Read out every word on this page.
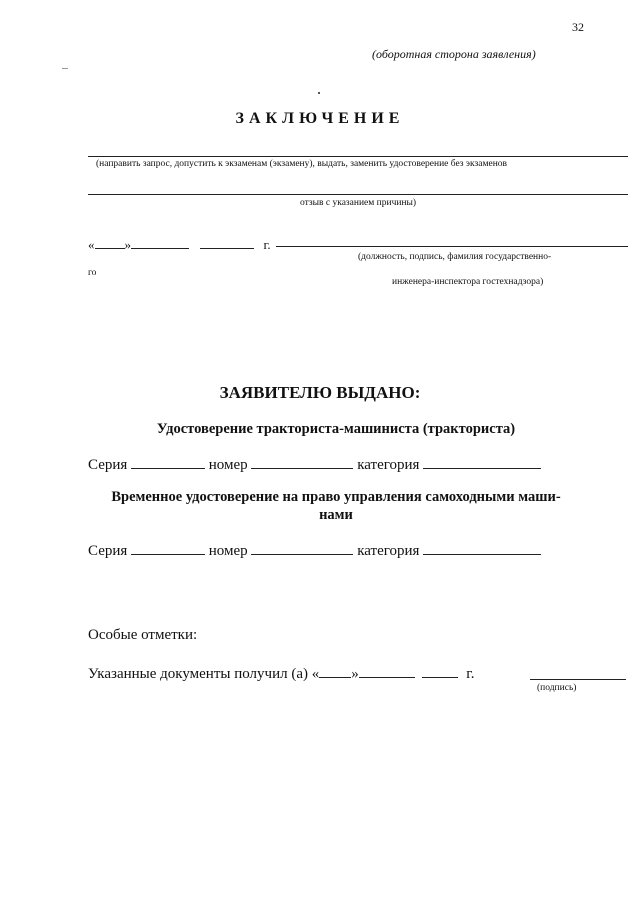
32
(оборотная сторона заявления)
ЗАКЛЮЧЕНИЕ
(направить запрос, допустить к экзаменам (экзамену), выдать, заменить удостоверение без экзаменов
отзыв с указанием причины)
« »	г.
(должность, подпись, фамилия государственно-
го
инженера-инспектора гостехнадзора)
ЗАЯВИТЕЛЮ ВЫДАНО:
Удостоверение тракториста-машиниста (тракториста)
Серия	номер	категория
Временное удостоверение на право управления самоходными маши-
нами
Серия	номер	категория
Особые отметки:
Указанные документы получил (а) « »	г.
(подпись)
